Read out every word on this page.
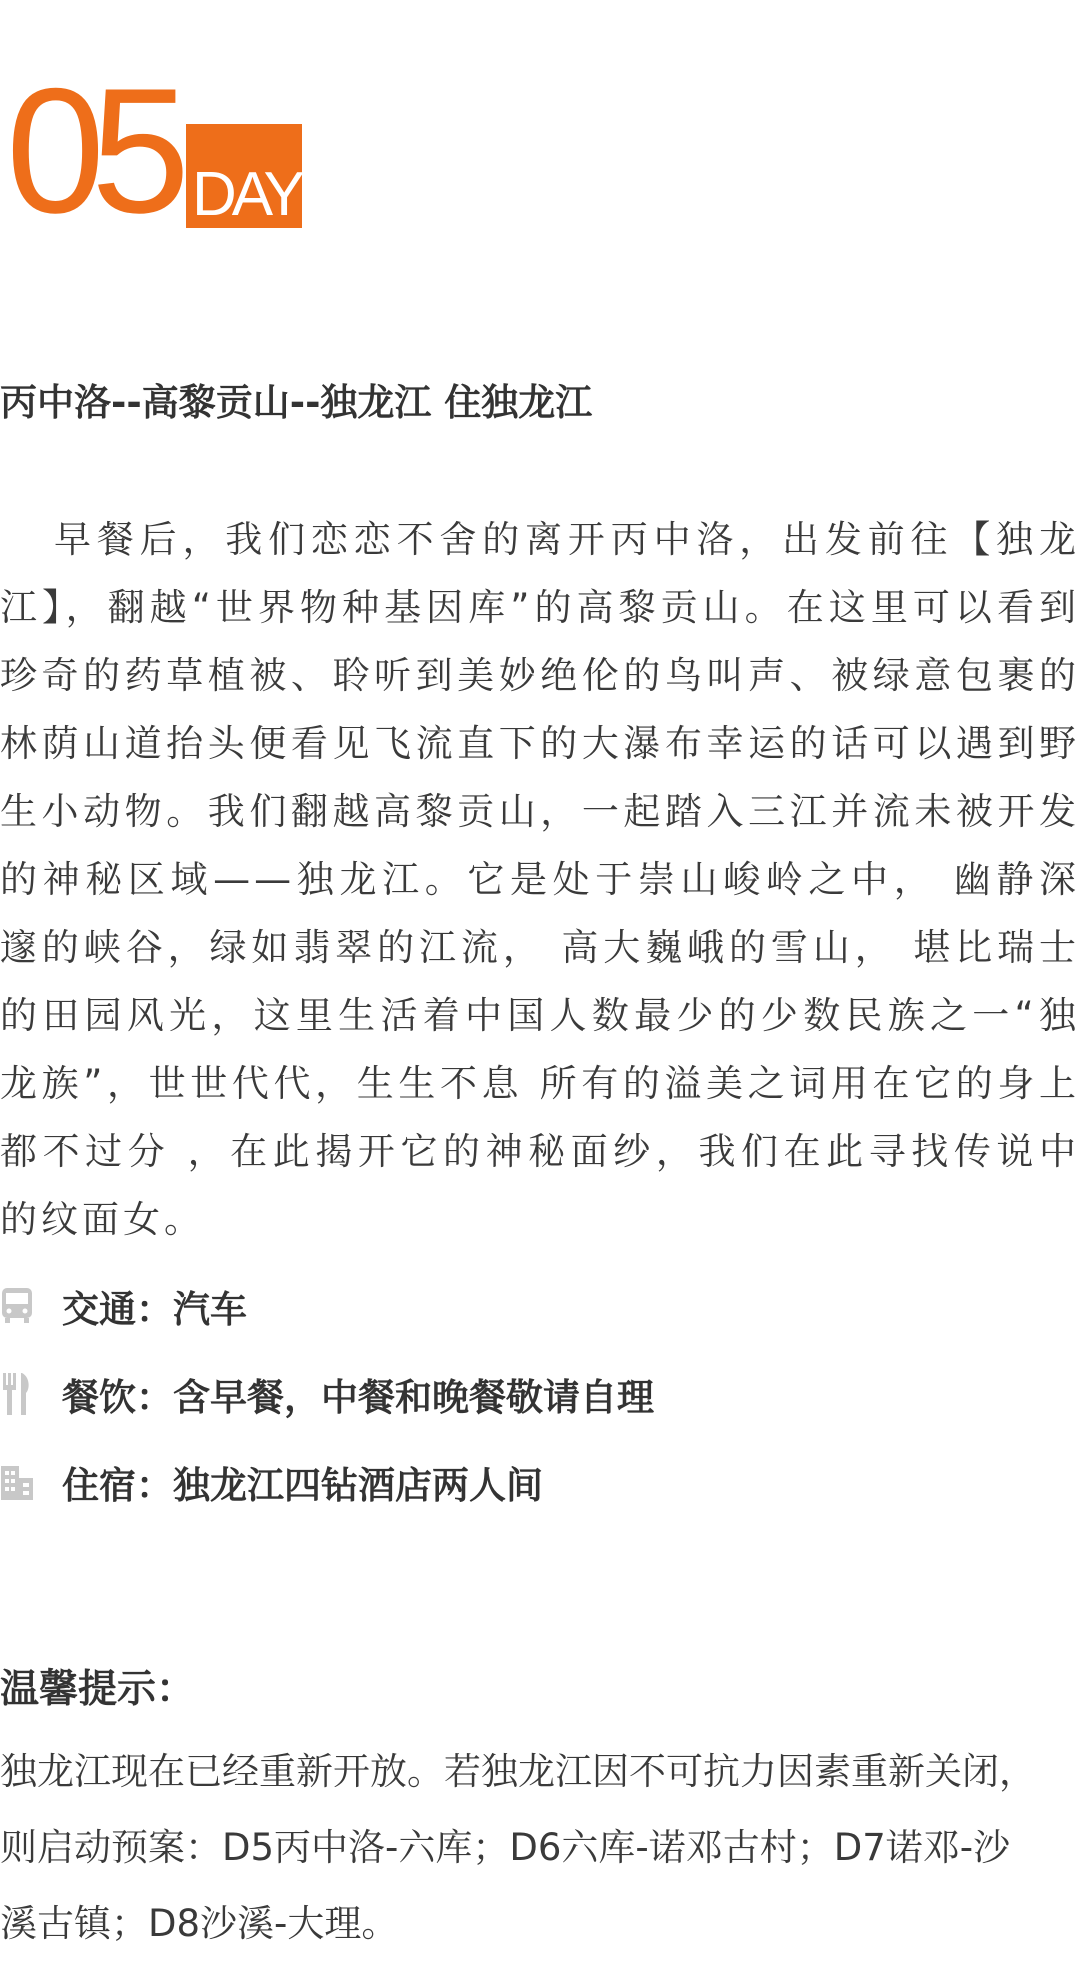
05 DAY
丙中洛--高黎贡山--独龙江 住独龙江

早餐后，我们恋恋不舍的离开丙中洛，出发前往【独龙江】，翻越“世界物种基因库”的高黎贡山。在这里可以看到珍奇的药草植被、聆听到美妙绝伦的鸟叫声、被绿意包裹的林荫山道抬头便看见飞流直下的大瀑布幸运的话可以遇到野生小动物。我们翻越高黎贡山，一起踏入三江并流未被开发的神秘区域——独龙江。它是处于崇山峻岭之中， 幽静深邃的峡谷，绿如翡翠的江流， 高大巍峨的雪山， 堪比瑞士的田园风光，这里生活着中国人数最少的少数民族之一“独龙族”，世世代代，生生不息 所有的溢美之词用在它的身上都不过分 ，在此揭开它的神秘面纱，我们在此寻找传说中的纹面女。

交通：汽车
餐饮：含早餐，中餐和晚餐敬请自理
住宿：独龙江四钻酒店两人间
温馨提示：

独龙江现在已经重新开放。若独龙江因不可抗力因素重新关闭，则启动预案：D5丙中洛-六库；D6六库-诺邓古村；D7诺邓-沙溪古镇；D8沙溪-大理。
